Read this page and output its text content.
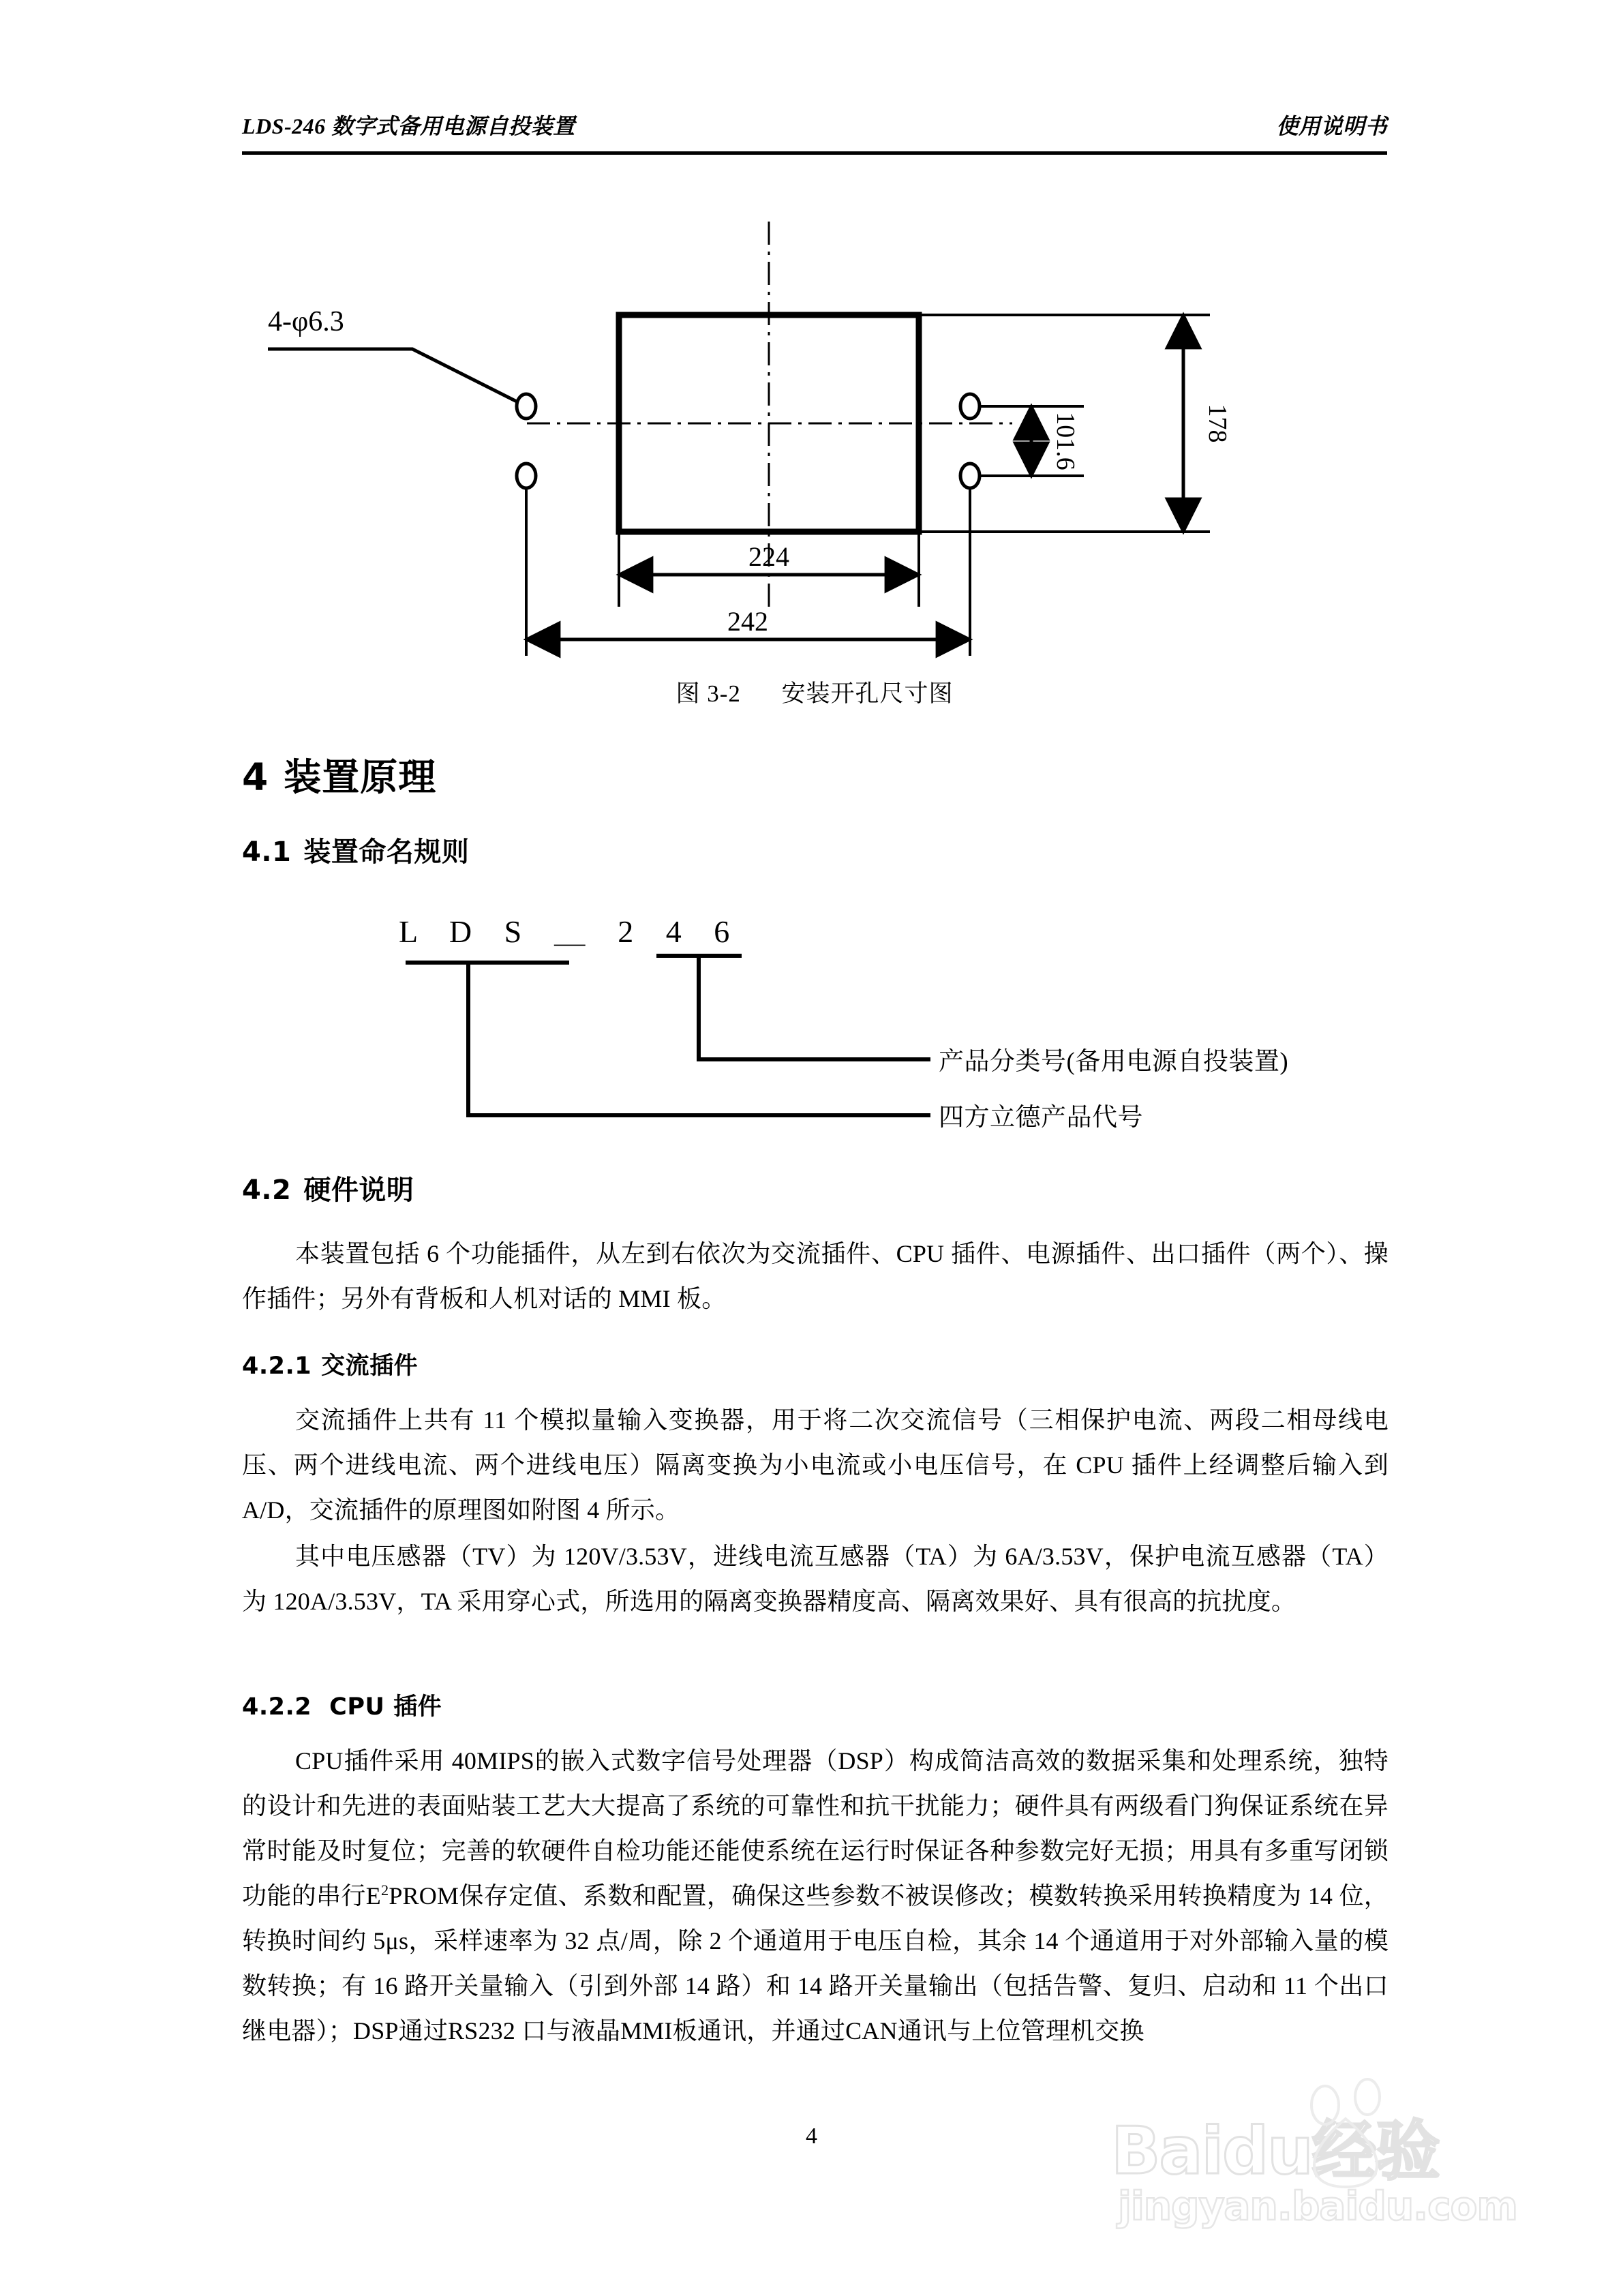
LDS-246 数字式备用电源自投装置	使用说明书
101.6	178
224
242
4-φ6.3
图 3-2 安装开孔尺寸图
4 装置原理
4.1 装置命名规则
L D S ＿ 2 4 6
产品分类号(备用电源自投装置)
四方立德产品代号
4.2 硬件说明
本装置包括 6 个功能插件，从左到右依次为交流插件、CPU 插件、电源插件、出口插件（两个）、操作插件；另外有背板和人机对话的 MMI 板。
4.2.1 交流插件
交流插件上共有 11 个模拟量输入变换器，用于将二次交流信号（三相保护电流、两段二相母线电压、两个进线电流、两个进线电压）隔离变换为小电流或小电压信号，在 CPU 插件上经调整后输入到 A/D，交流插件的原理图如附图 4 所示。
其中电压感器（TV）为 120V/3.53V，进线电流互感器（TA）为 6A/3.53V，保护电流互感器（TA）为 120A/3.53V，TA 采用穿心式，所选用的隔离变换器精度高、隔离效果好、具有很高的抗扰度。
4.2.2 CPU 插件
CPU插件采用 40MIPS的嵌入式数字信号处理器（DSP）构成简洁高效的数据采集和处理系统，独特的设计和先进的表面贴装工艺大大提高了系统的可靠性和抗干扰能力；硬件具有两级看门狗保证系统在异常时能及时复位；完善的软硬件自检功能还能使系统在运行时保证各种参数完好无损；用具有多重写闭锁功能的串行$E^2PROM$保存定值、系数和配置，确保这些参数不被误修改；模数转换采用转换精度为 14 位，转换时间约 5μs，采样速率为 32 点/周，除 2 个通道用于电压自检，其余 14 个通道用于对外部输入量的模数转换；有 16 路开关量输入（引到外部 14 路）和 14 路开关量输出（包括告警、复归、启动和 11 个出口继电器）；DSP通过RS232 口与液晶MMI板通讯，并通过CAN通讯与上位管理机交换
4	Baidu经验
jingyan.baidu.com
